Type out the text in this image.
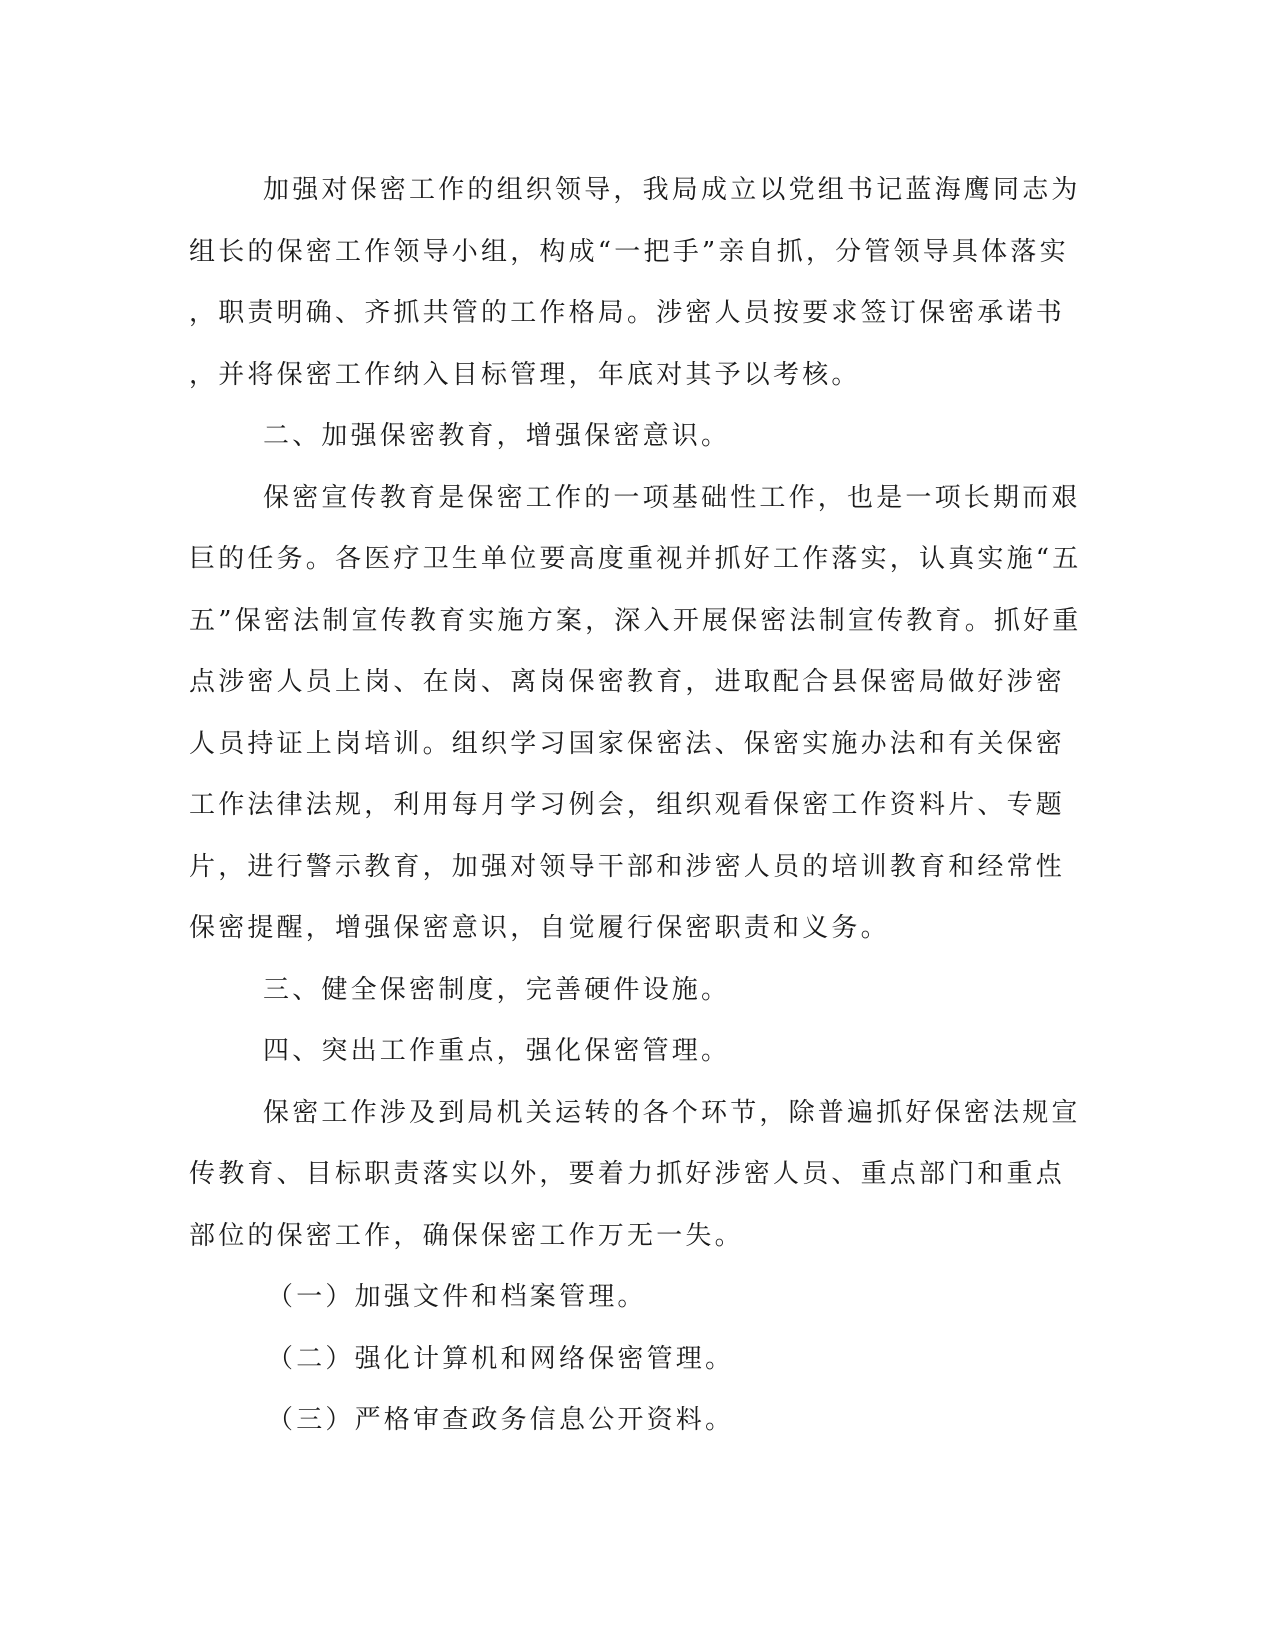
加强对保密工作的组织领导，我局成立以党组书记蓝海鹰同志为
组长的保密工作领导小组，构成“一把手”亲自抓，分管领导具体落实
，职责明确、齐抓共管的工作格局。涉密人员按要求签订保密承诺书
，并将保密工作纳入目标管理，年底对其予以考核。
二、加强保密教育，增强保密意识。
保密宣传教育是保密工作的一项基础性工作，也是一项长期而艰
巨的任务。各医疗卫生单位要高度重视并抓好工作落实，认真实施“五
五”保密法制宣传教育实施方案，深入开展保密法制宣传教育。抓好重
点涉密人员上岗、在岗、离岗保密教育，进取配合县保密局做好涉密
人员持证上岗培训。组织学习国家保密法、保密实施办法和有关保密
工作法律法规，利用每月学习例会，组织观看保密工作资料片、专题
片，进行警示教育，加强对领导干部和涉密人员的培训教育和经常性
保密提醒，增强保密意识，自觉履行保密职责和义务。
三、健全保密制度，完善硬件设施。
四、突出工作重点，强化保密管理。
保密工作涉及到局机关运转的各个环节，除普遍抓好保密法规宣
传教育、目标职责落实以外，要着力抓好涉密人员、重点部门和重点
部位的保密工作，确保保密工作万无一失。
（一）加强文件和档案管理。
（二）强化计算机和网络保密管理。
（三）严格审查政务信息公开资料。
